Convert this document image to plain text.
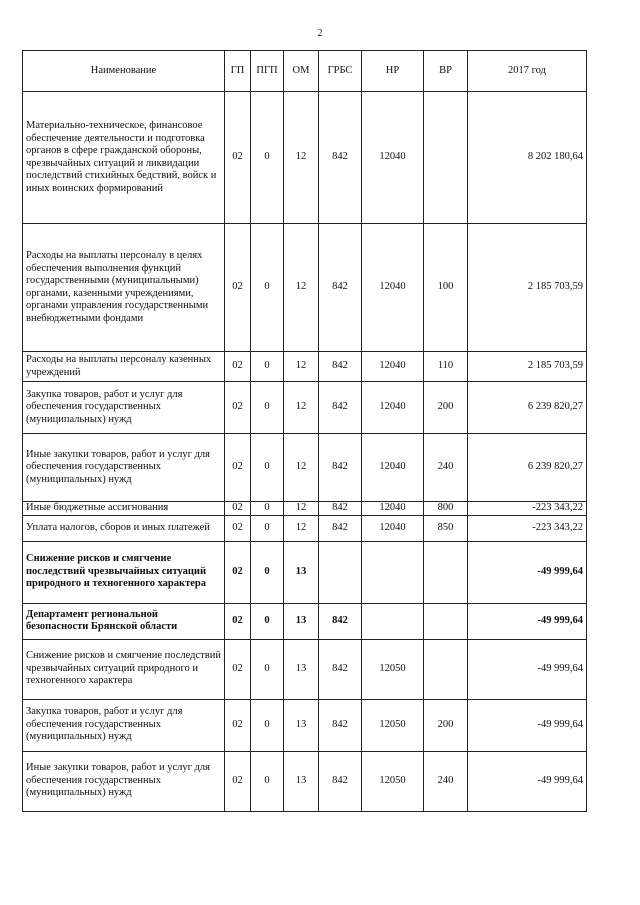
2
Наименование	ГП	ПГП	ОМ	ГРБС	НР	ВР	2017 год
Материально-техническое, финансовое обеспечение деятельности и подготовка органов в сфере гражданской обороны, чрезвычайных ситуаций и ликвидации последствий стихийных бедствий, войск и иных воинских формирований	02	0	12	842	12040		8 202 180,64
Расходы на выплаты персоналу в целях обеспечения выполнения функций государственными (муниципальными) органами, казенными учреждениями, органами управления государственными внебюджетными фондами	02	0	12	842	12040	100	2 185 703,59
Расходы на выплаты персоналу казенных учреждений	02	0	12	842	12040	110	2 185 703,59
Закупка товаров, работ и услуг для обеспечения государственных (муниципальных) нужд	02	0	12	842	12040	200	6 239 820,27
Иные закупки товаров, работ и услуг для обеспечения государственных (муниципальных) нужд	02	0	12	842	12040	240	6 239 820,27
Иные бюджетные ассигнования	02	0	12	842	12040	800	-223 343,22
Уплата налогов, сборов и иных платежей	02	0	12	842	12040	850	-223 343,22
Снижение рисков и смягчение последствий чрезвычайных ситуаций природного и техногенного характера	02	0	13				-49 999,64
Департамент региональной безопасности Брянской области	02	0	13	842			-49 999,64
Снижение рисков и смягчение последствий чрезвычайных ситуаций природного и техногенного характера	02	0	13	842	12050		-49 999,64
Закупка товаров, работ и услуг для обеспечения государственных (муниципальных) нужд	02	0	13	842	12050	200	-49 999,64
Иные закупки товаров, работ и услуг для обеспечения государственных (муниципальных) нужд	02	0	13	842	12050	240	-49 999,64
